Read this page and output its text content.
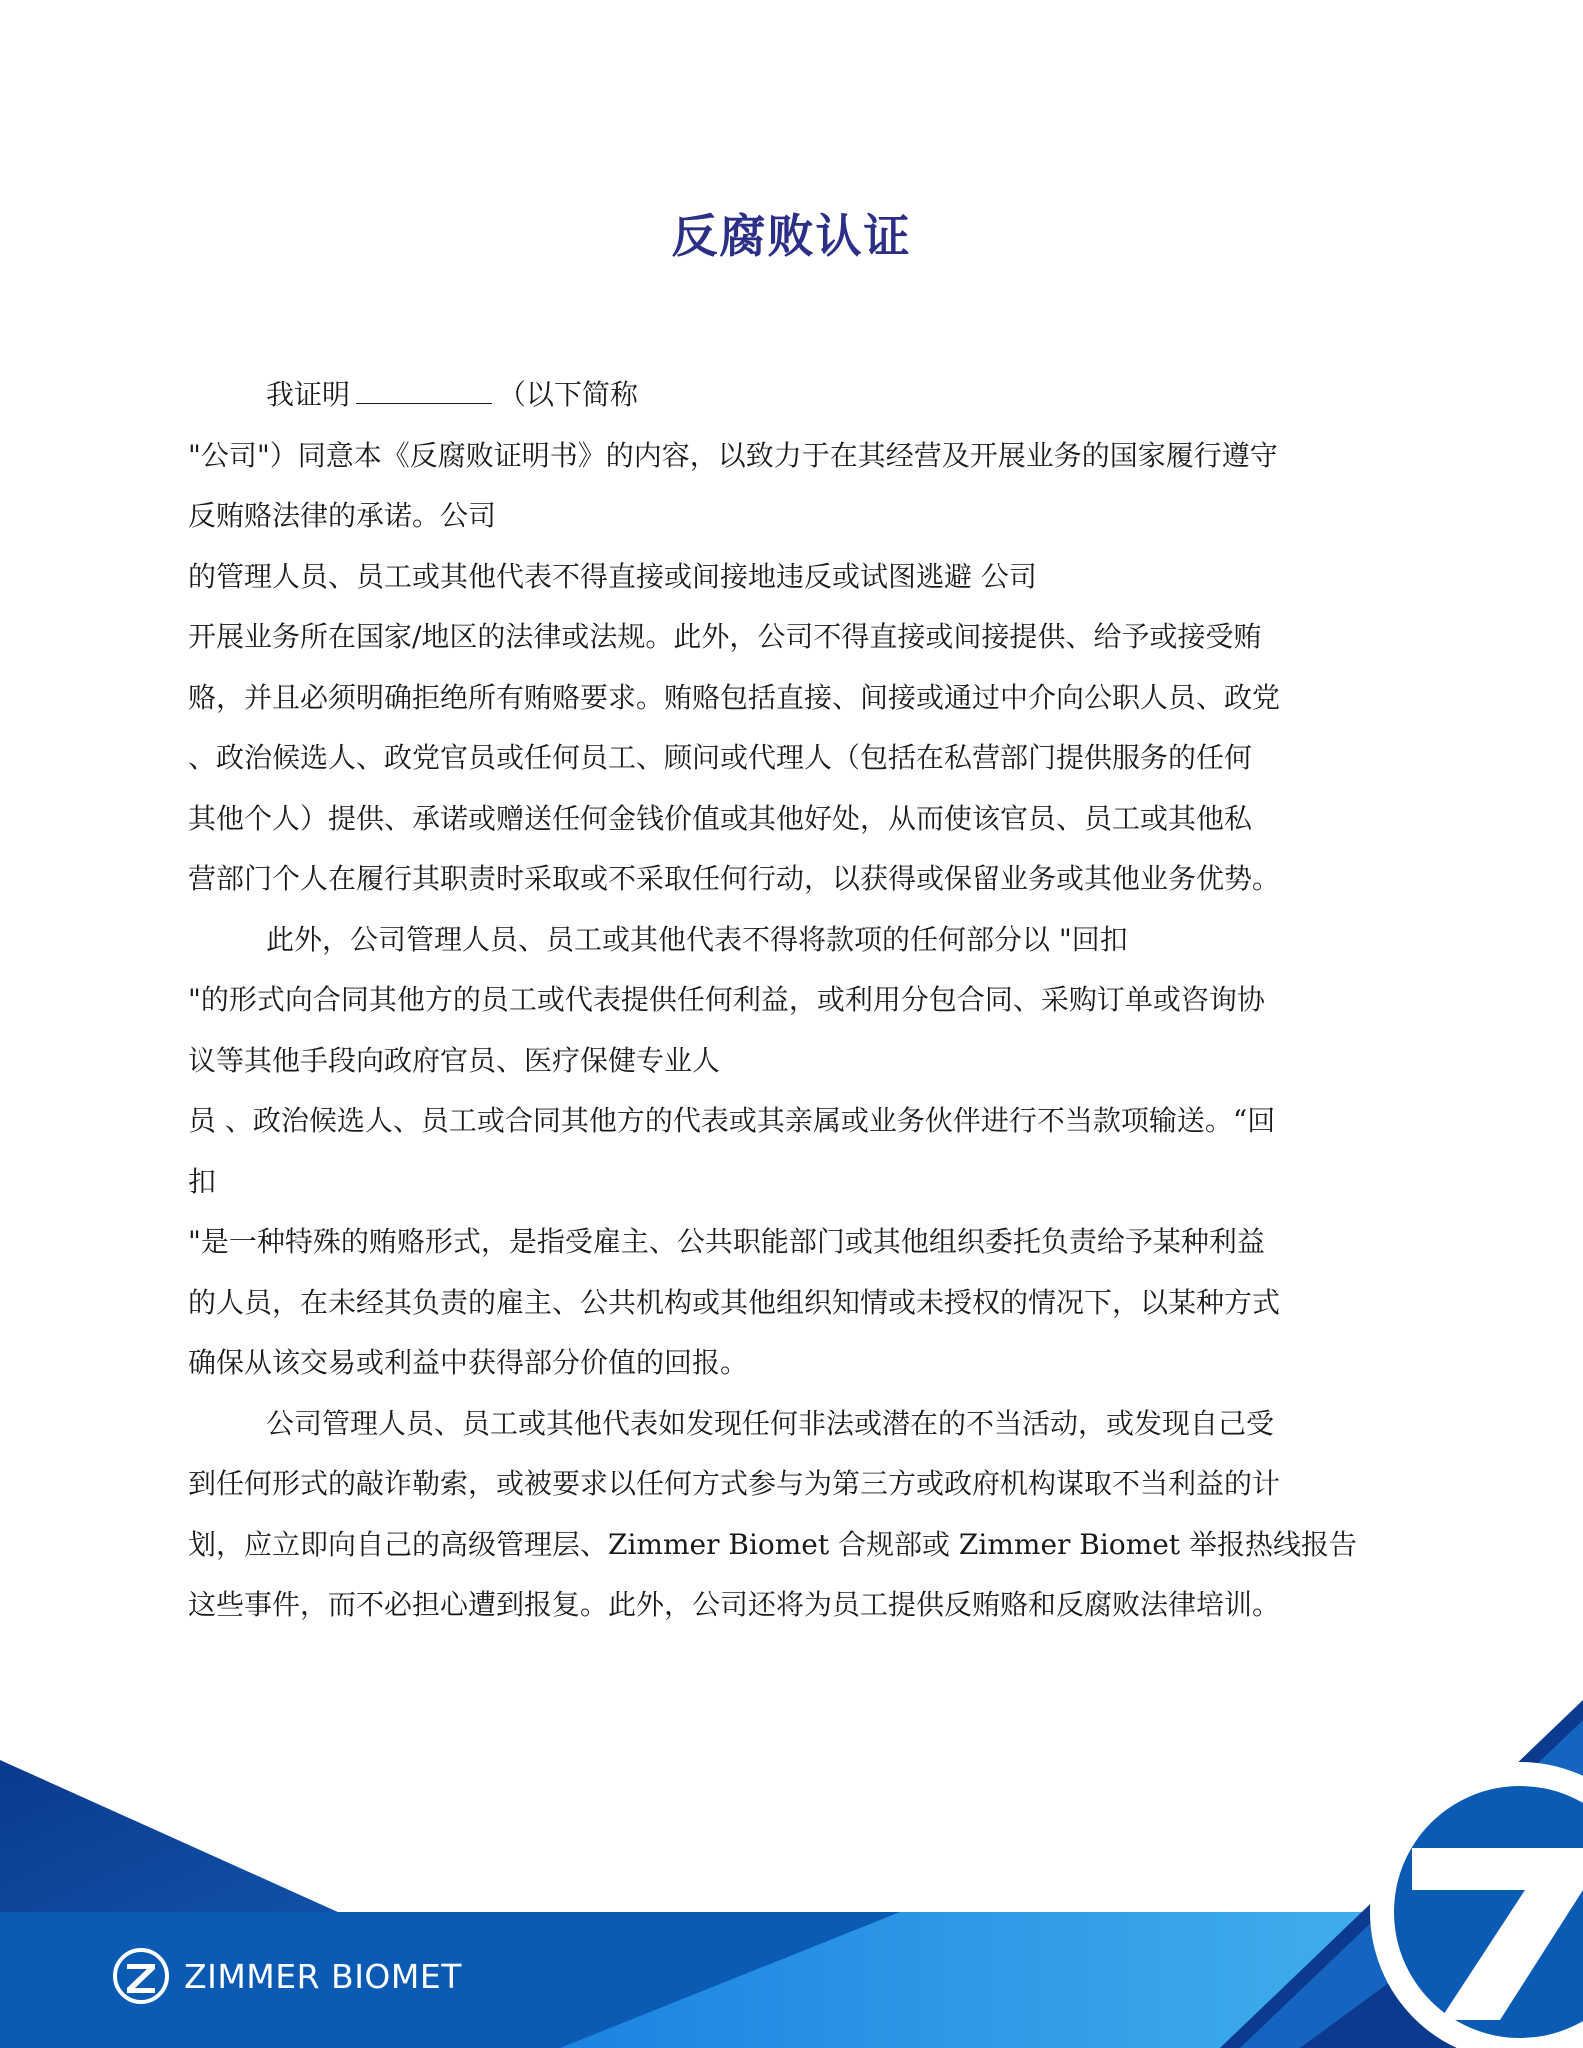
反腐败认证
我证明	（以下简称
"公司"）同意本《反腐败证明书》的内容，以致力于在其经营及开展业务的国家履行遵守
反贿赂法律的承诺。公司
的管理人员、员工或其他代表不得直接或间接地违反或试图逃避 公司
开展业务所在国家/地区的法律或法规。此外，公司不得直接或间接提供、给予或接受贿
赂，并且必须明确拒绝所有贿赂要求。贿赂包括直接、间接或通过中介向公职人员、政党
、政治候选人、政党官员或任何员工、顾问或代理人（包括在私营部门提供服务的任何
其他个人）提供、承诺或赠送任何金钱价值或其他好处，从而使该官员、员工或其他私
营部门个人在履行其职责时采取或不采取任何行动，以获得或保留业务或其他业务优势。
此外，公司管理人员、员工或其他代表不得将款项的任何部分以 "回扣
"的形式向合同其他方的员工或代表提供任何利益，或利用分包合同、采购订单或咨询协
议等其他手段向政府官员、医疗保健专业人
员 、政治候选人、员工或合同其他方的代表或其亲属或业务伙伴进行不当款项输送。“回
扣
"是一种特殊的贿赂形式，是指受雇主、公共职能部门或其他组织委托负责给予某种利益
的人员，在未经其负责的雇主、公共机构或其他组织知情或未授权的情况下，以某种方式
确保从该交易或利益中获得部分价值的回报。
公司管理人员、员工或其他代表如发现任何非法或潜在的不当活动，或发现自己受
到任何形式的敲诈勒索，或被要求以任何方式参与为第三方或政府机构谋取不当利益的计
划，应立即向自己的高级管理层、Zimmer Biomet 合规部或 Zimmer Biomet 举报热线报告
这些事件，而不必担心遭到报复。此外，公司还将为员工提供反贿赂和反腐败法律培训。
ZIMMER BIOMET
